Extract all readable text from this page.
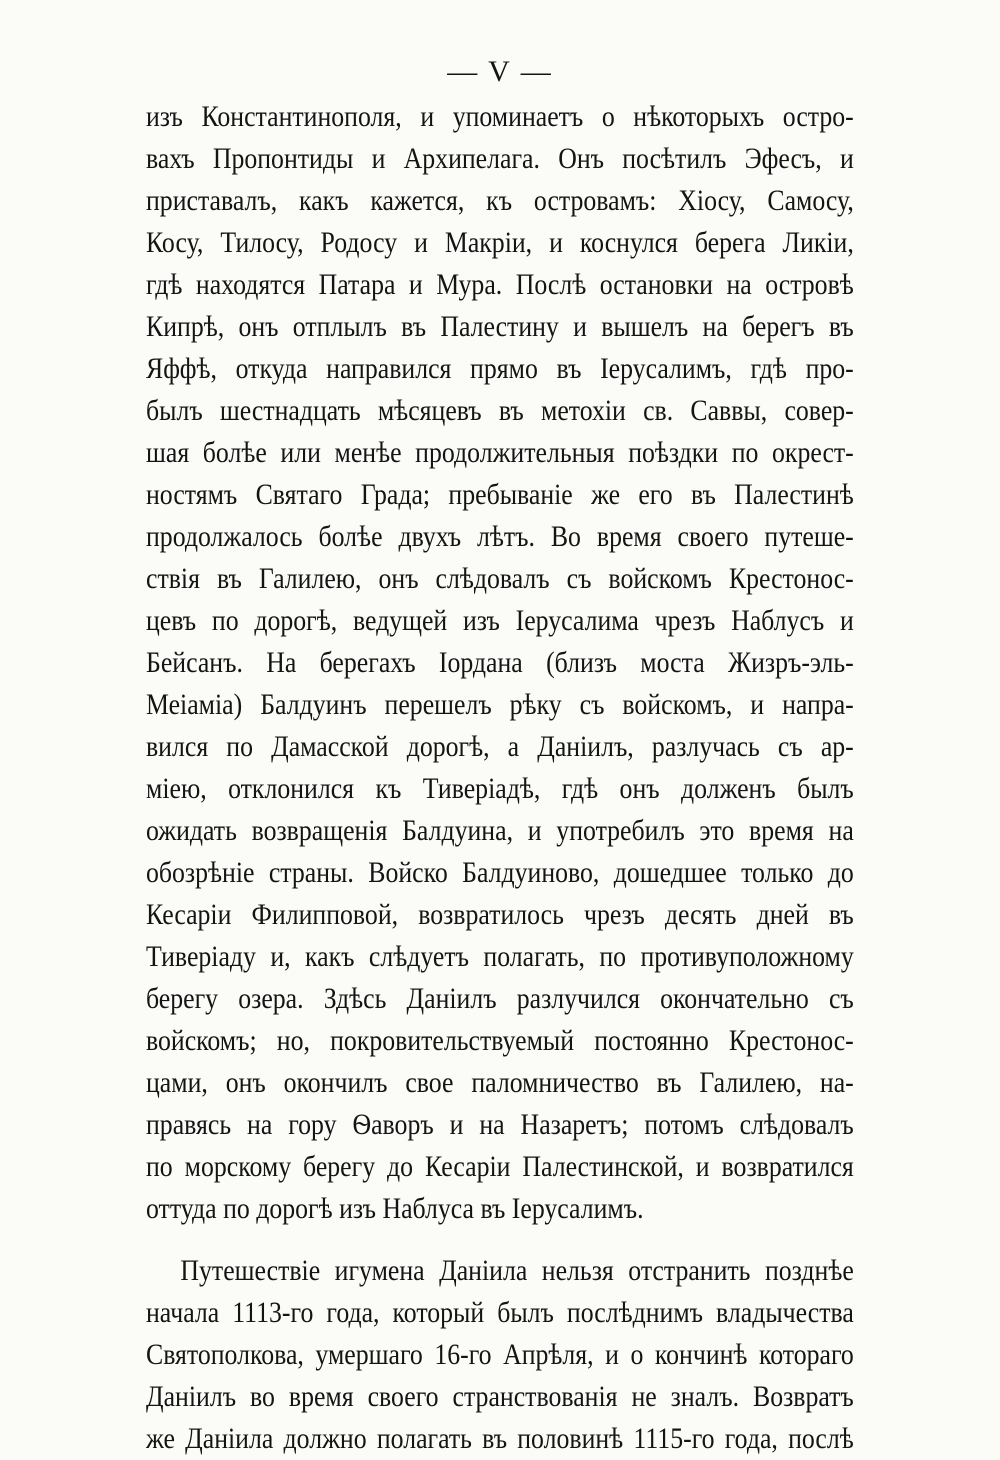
— V —
изъ Константинополя, и упоминаетъ о нѣкоторыхъ остро-
вахъ Пропонтиды и Архипелага. Онъ посѣтилъ Эфесъ, и
приставалъ, какъ кажется, къ островамъ: Хіосу, Самосу,
Косу, Тилосу, Родосу и Макріи, и коснулся берега Ликіи,
гдѣ находятся Патара и Мура. Послѣ остановки на островѣ
Кипрѣ, онъ отплылъ въ Палестину и вышелъ на берегъ въ
Яффѣ, откуда направился прямо въ Іерусалимъ, гдѣ про-
былъ шестнадцать мѣсяцевъ въ метохіи св. Саввы, совер-
шая болѣе или менѣе продолжительныя поѣздки по окрест-
ностямъ Святаго Града; пребываніе же его въ Палестинѣ
продолжалось болѣе двухъ лѣтъ. Во время своего путеше-
ствія въ Галилею, онъ слѣдовалъ съ войскомъ Крестонос-
цевъ по дорогѣ, ведущей изъ Іерусалима чрезъ Наблусъ и
Бейсанъ. На берегахъ Іордана (близъ моста Жизръ-эль-
Меіаміа) Балдуинъ перешелъ рѣку съ войскомъ, и напра-
вился по Дамасской дорогѣ, а Даніилъ, разлучась съ ар-
міею, отклонился къ Тиверіадѣ, гдѣ онъ долженъ былъ
ожидать возвращенія Балдуина, и употребилъ это время на
обозрѣніе страны. Войско Балдуиново, дошедшее только до
Кесаріи Филипповой, возвратилось чрезъ десять дней въ
Тиверіаду и, какъ слѣдуетъ полагать, по противуположному
берегу озера. Здѣсь Даніилъ разлучился окончательно съ
войскомъ; но, покровительствуемый постоянно Крестонос-
цами, онъ окончилъ свое паломничество въ Галилею, на-
правясь на гору Ѳаворъ и на Назаретъ; потомъ слѣдовалъ
по морскому берегу до Кесаріи Палестинской, и возвратился
оттуда по дорогѣ изъ Наблуса въ Іерусалимъ.
Путешествіе игумена Даніила нельзя отстранить позднѣе
начала 1113-го года, который былъ послѣднимъ владычества
Святополкова, умершаго 16-го Апрѣля, и о кончинѣ котораго
Даніилъ во время своего странствованія не зналъ. Возвратъ
же Даніила должно полагать въ половинѣ 1115-го года, послѣ
